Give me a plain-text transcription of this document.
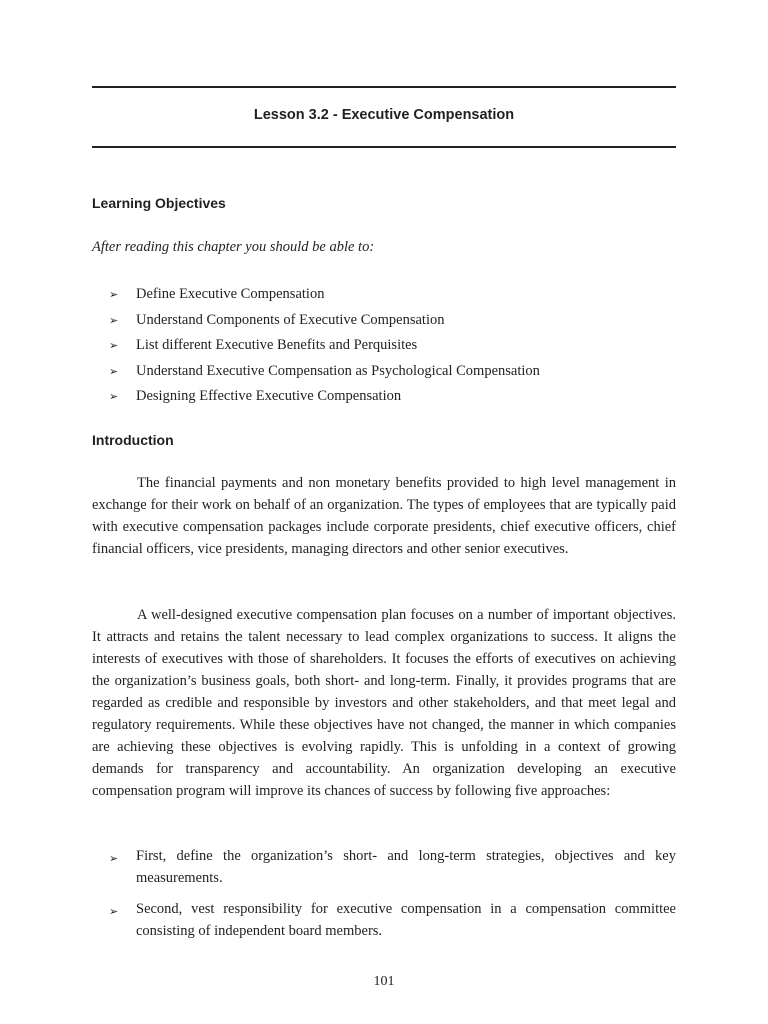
Lesson 3.2 - Executive Compensation
Learning Objectives
After reading this chapter you should be able to:
➢ Define Executive Compensation
➢ Understand Components of Executive Compensation
➢ List different Executive Benefits and Perquisites
➢ Understand Executive Compensation as Psychological Compensation
➢ Designing Effective Executive Compensation
Introduction

The financial payments and non monetary benefits provided to high level management in exchange for their work on behalf of an organization. The types of employees that are typically paid with executive compensation packages include corporate presidents, chief executive officers, chief financial officers, vice presidents, managing directors and other senior executives.

A well-designed executive compensation plan focuses on a number of important objectives. It attracts and retains the talent necessary to lead complex organizations to success. It aligns the interests of executives with those of shareholders. It focuses the efforts of executives on achieving the organization’s business goals, both short- and long-term. Finally, it provides programs that are regarded as credible and responsible by investors and other stakeholders, and that meet legal and regulatory requirements. While these objectives have not changed, the manner in which companies are achieving these objectives is evolving rapidly. This is unfolding in a context of growing demands for transparency and accountability. An organization developing an executive compensation program will improve its chances of success by following five approaches:

➢ First, define the organization’s short- and long-term strategies, objectives and key measurements.
➢ Second, vest responsibility for executive compensation in a compensation committee consisting of independent board members.
101
